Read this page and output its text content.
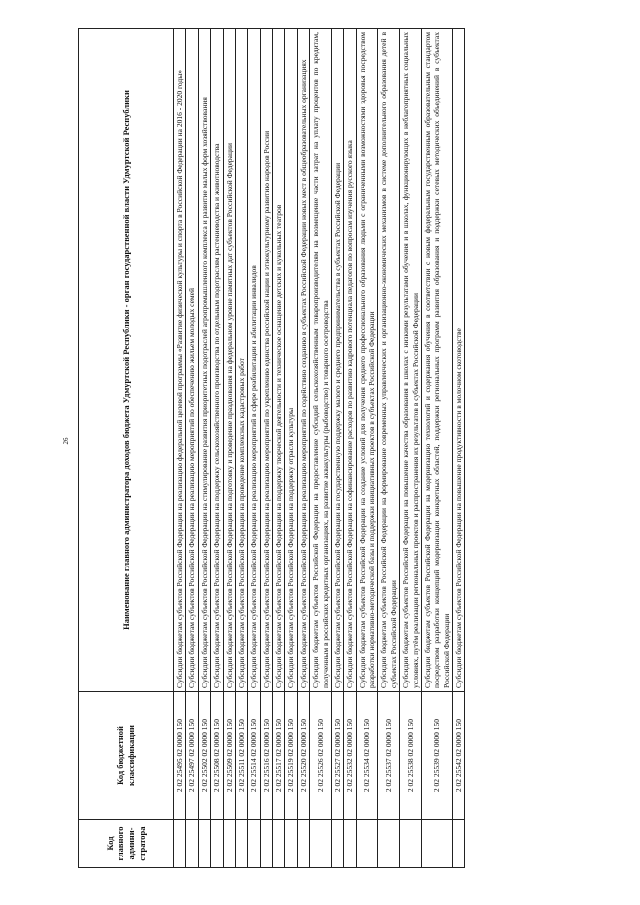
26
Код главного админи-стратора	Код бюджетной классификации	Наименование главного администратора доходов бюджета Удмуртской Республики - орган государственной власти Удмуртской Республики
	2 02 25495 02 0000 150	Субсидии бюджетам субъектов Российской Федерации на реализацию федеральной целевой программы «Развитие физической культуры и спорта в Российской Федерации на 2016 - 2020 годы»
	2 02 25497 02 0000 150	Субсидии бюджетам субъектов Российской Федерации на реализацию мероприятий по обеспечению жильем молодых семей
	2 02 25502 02 0000 150	Субсидии бюджетам субъектов Российской Федерации на стимулирование развития приоритетных подотраслей агропромышленного комплекса и развитие малых форм хозяйствования
	2 02 25508 02 0000 150	Субсидии бюджетам субъектов Российской Федерации на поддержку сельскохозяйственного производства по отдельным подотраслям растениеводства и животноводства
	2 02 25509 02 0000 150	Субсидии бюджетам субъектов Российской Федерации на подготовку и проведение празднования на федеральном уровне памятных дат субъектов Российской Федерации
	2 02 25511 02 0000 150	Субсидии бюджетам субъектов Российской Федерации на проведение комплексных кадастровых работ
	2 02 25514 02 0000 150	Субсидии бюджетам субъектов Российской Федерации на реализацию мероприятий в сфере реабилитации и абилитации инвалидов
	2 02 25516 02 0000 150	Субсидии бюджетам субъектов Российской Федерации на реализацию мероприятий по укреплению единства российской нации и этнокультурному развитию народов России
	2 02 25517 02 0000 150	Субсидии бюджетам субъектов Российской Федерации на поддержку творческой деятельности и техническое оснащение детских и кукольных театров
	2 02 25519 02 0000 150	Субсидии бюджетам субъектов Российской Федерации на поддержку отрасли культуры
	2 02 25520 02 0000 150	Субсидии бюджетам субъектов Российской Федерации на реализацию мероприятий по содействию созданию в субъектах Российской Федерации новых мест в общеобразовательных организациях
	2 02 25526 02 0000 150	Субсидии бюджетам субъектов Российской Федерации на предоставление субсидий сельскохозяйственным товаропроизводителям на возмещение части затрат на уплату процентов по кредитам, полученным в российских кредитных организациях, на развитие аквакультуры (рыбоводство) и товарного осетроводства
	2 02 25527 02 0000 150	Субсидии бюджетам субъектов Российской Федерации на государственную поддержку малого и среднего предпринимательства в субъектах Российской Федерации
	2 02 25532 02 0000 150	Субсидии бюджетам субъектов Российской Федерации на софинансирование расходов по развитию кадрового потенциала педагогов по вопросам изучения русского языка
	2 02 25534 02 0000 150	Субсидии бюджетам субъектов Российской Федерации на создание условий для получения среднего профессионального образования людьми с ограниченными возможностями здоровья посредством разработки нормативно-методической базы и поддержки инициативных проектов в субъектах Российской Федерации
	2 02 25537 02 0000 150	Субсидии бюджетам субъектов Российской Федерации на формирование современных управленческих и организационно-экономических механизмов в системе дополнительного образования детей в субъектах Российской Федерации
	2 02 25538 02 0000 150	Субсидии бюджетам субъектов Российской Федерации на повышение качества образования в школах с низкими результатами обучения и в школах, функционирующих в неблагоприятных социальных условиях, путём реализации региональных проектов и распространения их результатов в субъектах Российской Федерации
	2 02 25539 02 0000 150	Субсидии бюджетам субъектов Российской Федерации на модернизацию технологий и содержания обучения в соответствии с новым федеральным государственным образовательным стандартом посредством разработки концепций модернизации конкретных областей, поддержки региональных программ развития образования и поддержки сетевых методических объединений в субъектах Российской Федерации
	2 02 25542 02 0000 150	Субсидии бюджетам субъектов Российской Федерации на повышение продуктивности в молочном скотоводстве
